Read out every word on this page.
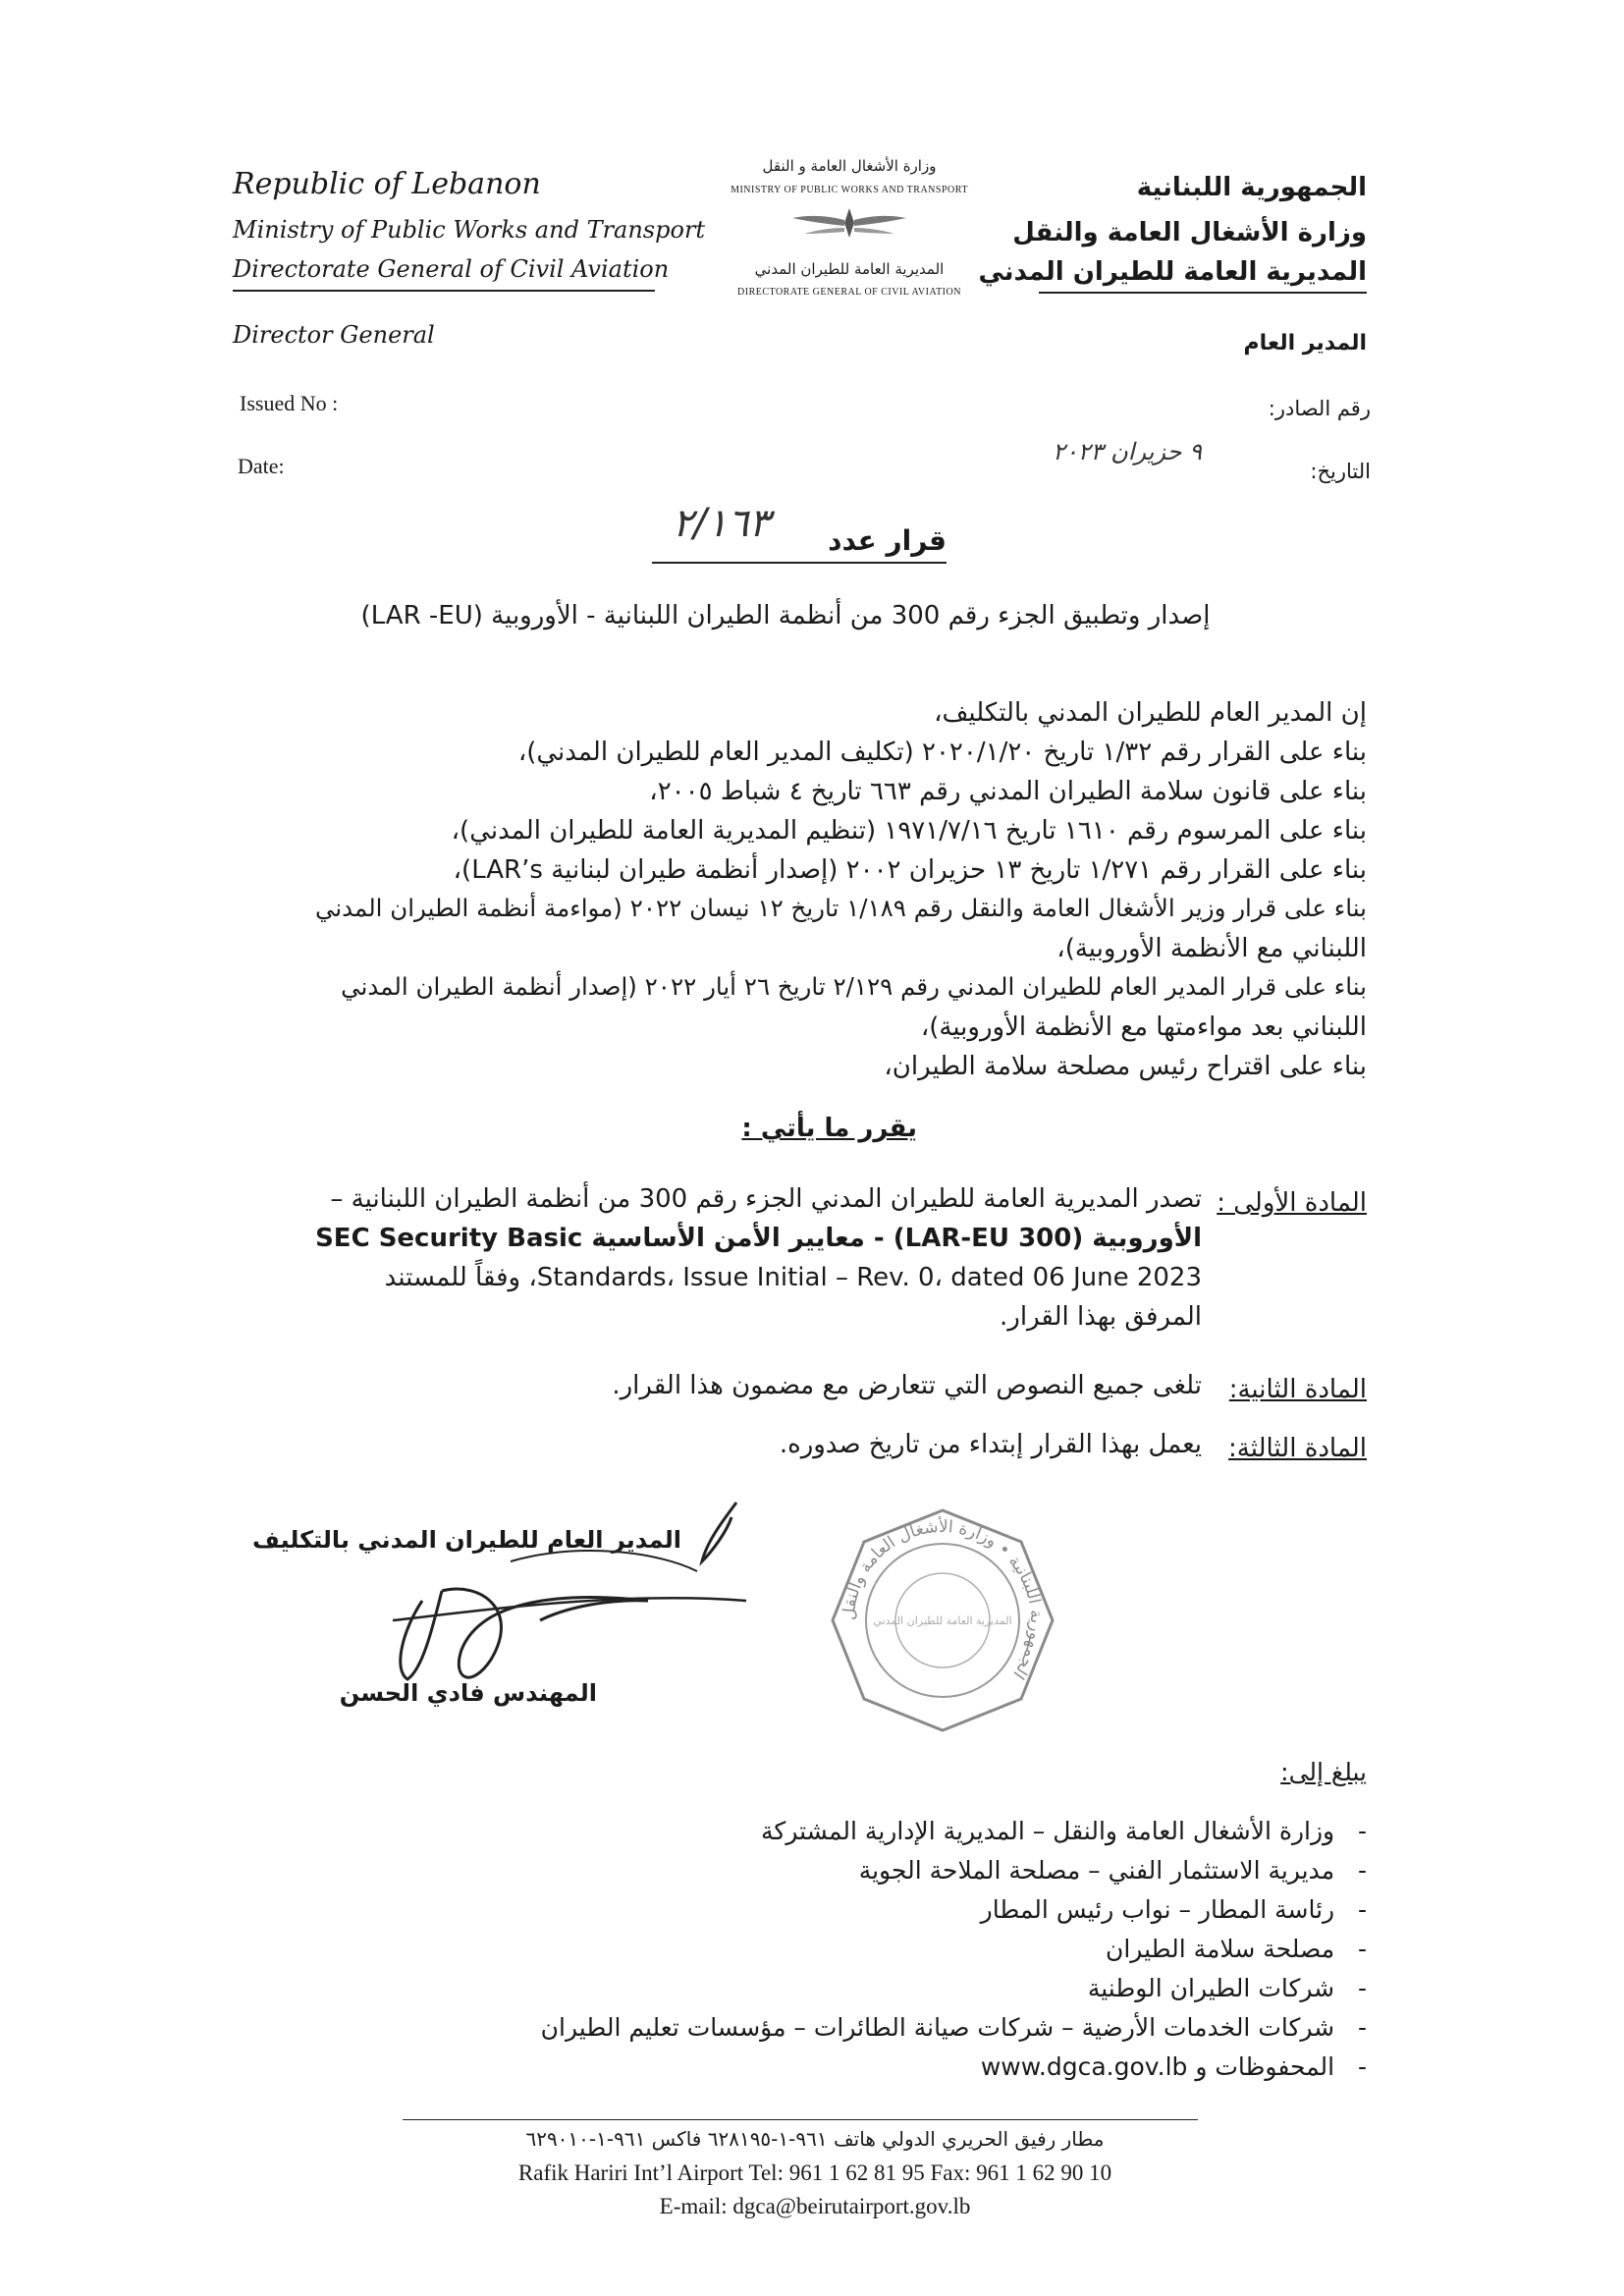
Republic of Lebanon
Ministry of Public Works and Transport
Directorate General of Civil Aviation
Director General
Issued No :
Date:
وزارة الأشغال العامة و النقل
MINISTRY OF PUBLIC WORKS AND TRANSPORT
المديرية العامة للطيران المدني
DIRECTORATE GENERAL OF CIVIL AVIATION
الجمهورية اللبنانية
وزارة الأشغال العامة والنقل
المديرية العامة للطيران المدني
المدير العام
رقم الصادر:
التاريخ:
٩ حزيران ٢٠٢٣
قرار عدد
٢/١٦٣
إصدار وتطبيق الجزء رقم 300 من أنظمة الطيران اللبنانية - الأوروبية (LAR -EU)
إن المدير العام للطيران المدني بالتكليف،
بناء على القرار رقم ١/٣٢ تاريخ ٢٠٢٠/١/٢٠ (تكليف المدير العام للطيران المدني)،
بناء على قانون سلامة الطيران المدني رقم ٦٦٣ تاريخ ٤ شباط ٢٠٠٥،
بناء على المرسوم رقم ١٦١٠ تاريخ ١٩٧١/٧/١٦ (تنظيم المديرية العامة للطيران المدني)،
بناء على القرار رقم ١/٢٧١ تاريخ ١٣ حزيران ٢٠٠٢ (إصدار أنظمة طيران لبنانية LAR’s)،
بناء على قرار وزير الأشغال العامة والنقل رقم ١/١٨٩ تاريخ ١٢ نيسان ٢٠٢٢ (مواءمة أنظمة الطيران المدني
اللبناني مع الأنظمة الأوروبية)،
بناء على قرار المدير العام للطيران المدني رقم ٢/١٢٩ تاريخ ٢٦ أيار ٢٠٢٢ (إصدار أنظمة الطيران المدني
اللبناني بعد مواءمتها مع الأنظمة الأوروبية)،
بناء على اقتراح رئيس مصلحة سلامة الطيران،
يقرر ما يأتي :
المادة الأولى :
تصدر المديرية العامة للطيران المدني الجزء رقم 300 من أنظمة الطيران اللبنانية –
الأوروبية (LAR-EU 300) - معايير الأمن الأساسية SEC Security Basic
Standards، Issue Initial – Rev. 0، dated 06 June 2023، وفقاً للمستند
المرفق بهذا القرار.
المادة الثانية:
تلغى جميع النصوص التي تتعارض مع مضمون هذا القرار.
المادة الثالثة:
يعمل بهذا القرار إبتداء من تاريخ صدوره.
المدير العام للطيران المدني بالتكليف
المهندس فادي الحسن
الجمهورية اللبنانية • وزارة الأشغال العامة والنقل
المديرية العامة للطيران المدني
يبلغ إلى:
-   وزارة الأشغال العامة والنقل – المديرية الإدارية المشتركة
-   مديرية الاستثمار الفني – مصلحة الملاحة الجوية
-   رئاسة المطار – نواب رئيس المطار
-   مصلحة سلامة الطيران
-   شركات الطيران الوطنية
-   شركات الخدمات الأرضية – شركات صيانة الطائرات – مؤسسات تعليم الطيران
-   المحفوظات و www.dgca.gov.lb
مطار رفيق الحريري الدولي هاتف ٩٦١-١-٦٢٨١٩٥ فاكس ٩٦١-١-٦٢٩٠١٠
Rafik Hariri Int’l Airport Tel: 961 1 62 81 95 Fax: 961 1 62 90 10
E-mail: dgca@beirutairport.gov.lb
